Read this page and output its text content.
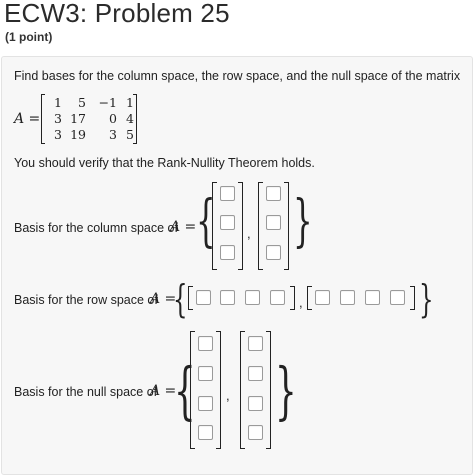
ECW3: Problem 25
(1 point)
Find bases for the column space, the row space, and the null space of the matrix
A =
1	5 −1 1
3 17	0 4
3 19	3 5
You should verify that the Rank-Nullity Theorem holds.
Basis for the column space of
A = { , }
Basis for the row space of
A =
{	,	}
Basis for the null space of
A =
{ , }
